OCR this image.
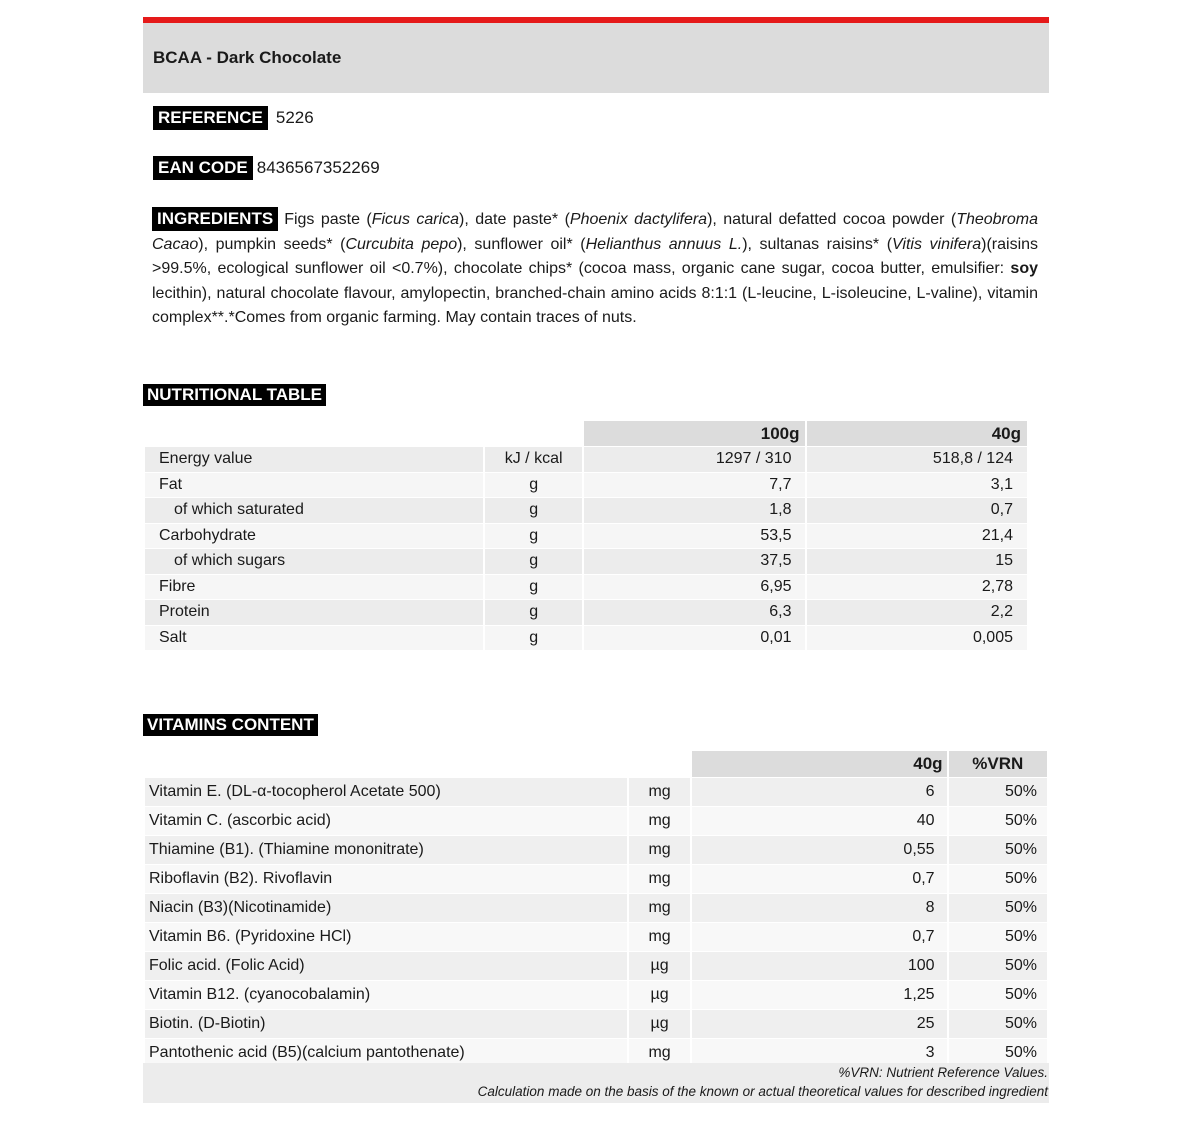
BCAA - Dark Chocolate
REFERENCE 5226
EAN CODE 8436567352269
INGREDIENTS Figs paste (Ficus carica), date paste* (Phoenix dactylifera), natural defatted cocoa powder (Theobroma Cacao), pumpkin seeds* (Curcubita pepo), sunflower oil* (Helianthus annuus L.), sultanas raisins* (Vitis vinifera)(raisins >99.5%, ecological sunflower oil <0.7%), chocolate chips* (cocoa mass, organic cane sugar, cocoa butter, emulsifier: soy lecithin), natural chocolate flavour, amylopectin, branched-chain amino acids 8:1:1 (L-leucine, L-isoleucine, L-valine), vitamin complex**.*Comes from organic farming. May contain traces of nuts.
NUTRITIONAL TABLE
		100g	40g
Energy value	kJ / kcal	1297 / 310	518,8 / 124
Fat	g	7,7	3,1
of which saturated	g	1,8	0,7
Carbohydrate	g	53,5	21,4
of which sugars	g	37,5	15
Fibre	g	6,95	2,78
Protein	g	6,3	2,2
Salt	g	0,01	0,005
VITAMINS CONTENT
		40g	%VRN
Vitamin E. (DL-α-tocopherol Acetate 500)	mg	6	50%
Vitamin C. (ascorbic acid)	mg	40	50%
Thiamine (B1). (Thiamine mononitrate)	mg	0,55	50%
Riboflavin (B2). Rivoflavin	mg	0,7	50%
Niacin (B3)(Nicotinamide)	mg	8	50%
Vitamin B6. (Pyridoxine HCl)	mg	0,7	50%
Folic acid. (Folic Acid)	µg	100	50%
Vitamin B12. (cyanocobalamin)	µg	1,25	50%
Biotin. (D-Biotin)	µg	25	50%
Pantothenic acid (B5)(calcium pantothenate)	mg	3	50%
%VRN: Nutrient Reference Values.
Calculation made on the basis of the known or actual theoretical values for described ingredient
